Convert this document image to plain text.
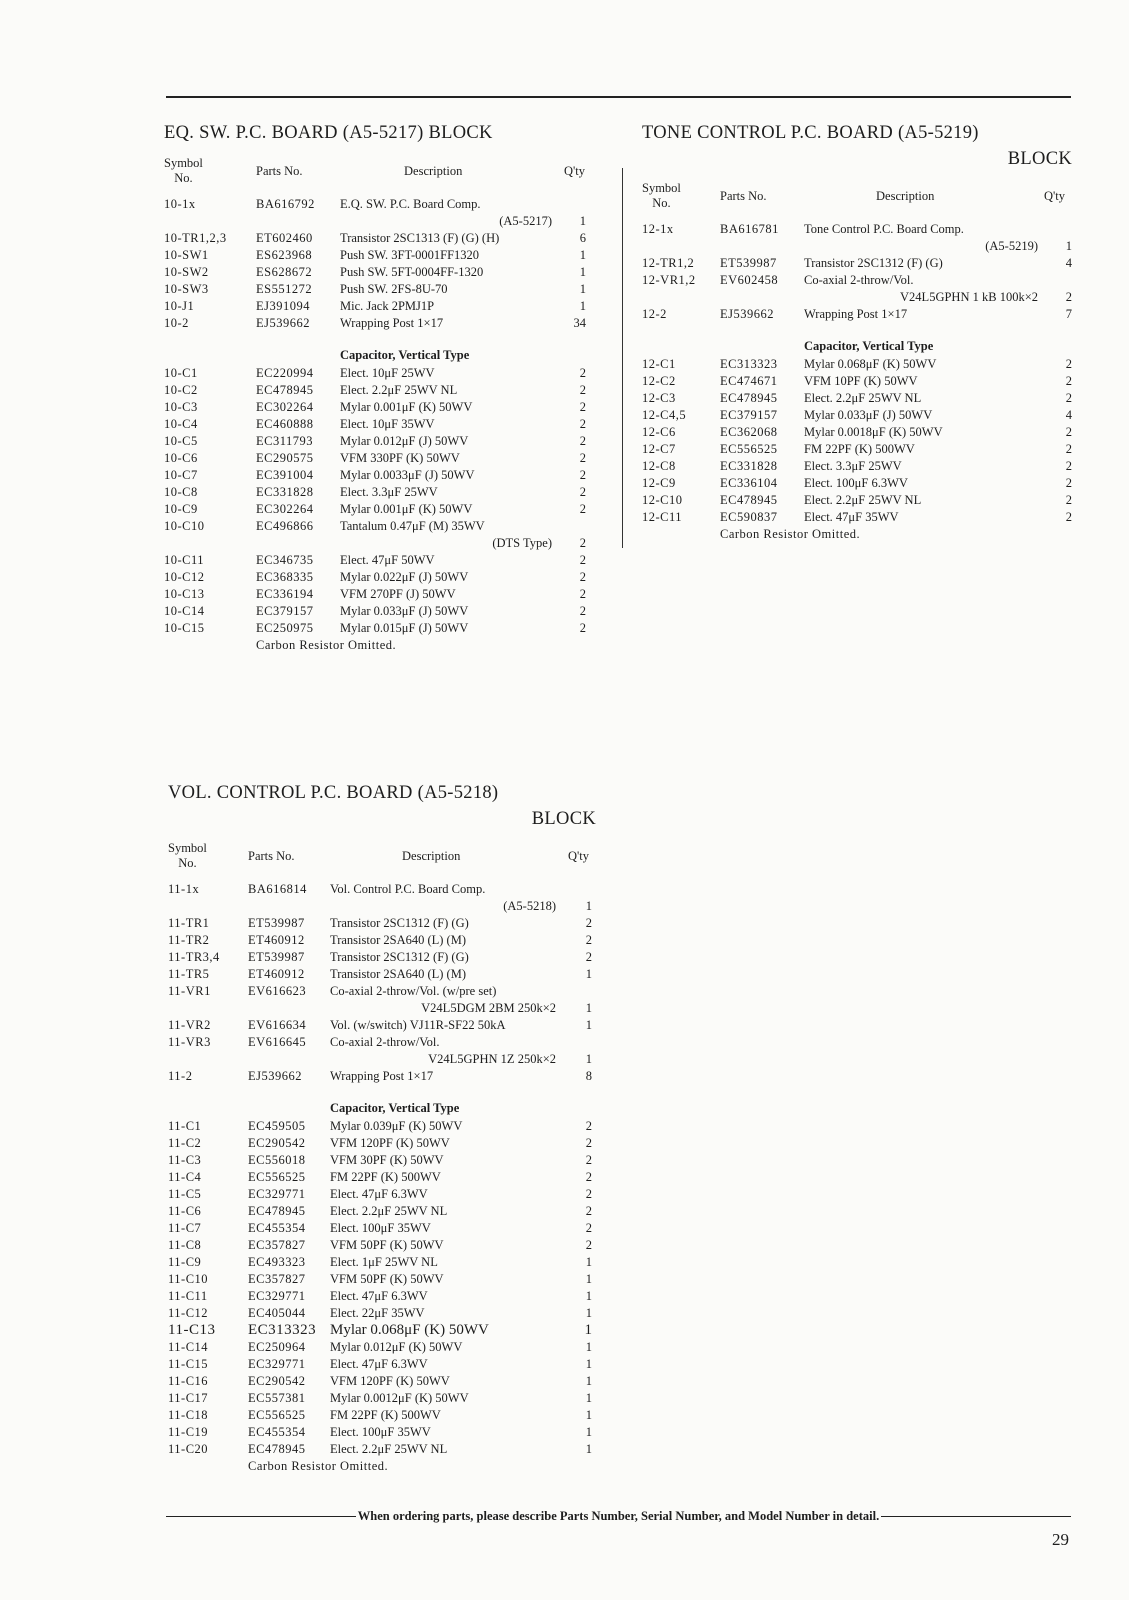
EQ. SW. P.C. BOARD (A5-5217) BLOCK
Symbol
No.	Parts No.	Description	Q'ty
10-1x	BA616792 E.Q. SW. P.C. Board Comp.
(A5-5217) 1
10-TR1,2,3 ET602460 Transistor 2SC1313 (F) (G) (H)	6
10-SW1	ES623968 Push SW. 3FT-0001FF1320	1
10-SW2	ES628672 Push SW. 5FT-0004FF-1320	1
10-SW3	ES551272 Push SW. 2FS-8U-70	1
10-J1	EJ391094 Mic. Jack 2PMJ1P	1
10-2	EJ539662 Wrapping Post 1×17	34
Capacitor, Vertical Type
10-C1	EC220994 Elect. 10μF 25WV	2
10-C2	EC478945 Elect. 2.2μF 25WV NL	2
10-C3	EC302264 Mylar 0.001μF (K) 50WV	2
10-C4	EC460888 Elect. 10μF 35WV	2
10-C5	EC311793 Mylar 0.012μF (J) 50WV	2
10-C6	EC290575 VFM 330PF (K) 50WV	2
10-C7	EC391004 Mylar 0.0033μF (J) 50WV	2
10-C8	EC331828 Elect. 3.3μF 25WV	2
10-C9	EC302264 Mylar 0.001μF (K) 50WV	2
10-C10	EC496866 Tantalum 0.47μF (M) 35WV
(DTS Type) 2
10-C11	EC346735 Elect. 47μF 50WV	2
10-C12	EC368335 Mylar 0.022μF (J) 50WV	2
10-C13	EC336194 VFM 270PF (J) 50WV	2
10-C14	EC379157 Mylar 0.033μF (J) 50WV	2
10-C15	EC250975 Mylar 0.015μF (J) 50WV	2
Carbon Resistor Omitted.
TONE CONTROL P.C. BOARD (A5-5219)
BLOCK
Symbol
No.	Parts No.	Description	Q'ty
12-1x	BA616781 Tone Control P.C. Board Comp.
(A5-5219) 1
12-TR1,2 ET539987 Transistor 2SC1312 (F) (G)	4
12-VR1,2 EV602458 Co-axial 2-throw/Vol.
V24L5GPHN 1 kB 100k×2 2
12-2	EJ539662 Wrapping Post 1×17	7
Capacitor, Vertical Type
12-C1	EC313323 Mylar 0.068μF (K) 50WV	2
12-C2	EC474671 VFM 10PF (K) 50WV	2
12-C3	EC478945 Elect. 2.2μF 25WV NL	2
12-C4,5	EC379157 Mylar 0.033μF (J) 50WV	4
12-C6	EC362068 Mylar 0.0018μF (K) 50WV	2
12-C7	EC556525 FM 22PF (K) 500WV	2
12-C8	EC331828 Elect. 3.3μF 25WV	2
12-C9	EC336104 Elect. 100μF 6.3WV	2
12-C10	EC478945 Elect. 2.2μF 25WV NL	2
12-C11	EC590837 Elect. 47μF 35WV	2
Carbon Resistor Omitted.
VOL. CONTROL P.C. BOARD (A5-5218)
BLOCK
Symbol
No.	Parts No.	Description	Q'ty
11-1x	BA616814 Vol. Control P.C. Board Comp.
(A5-5218) 1
11-TR1	ET539987 Transistor 2SC1312 (F) (G)	2
11-TR2	ET460912 Transistor 2SA640 (L) (M)	2
11-TR3,4 ET539987 Transistor 2SC1312 (F) (G)	2
11-TR5	ET460912 Transistor 2SA640 (L) (M)	1
11-VR1	EV616623 Co-axial 2-throw/Vol. (w/pre set)
V24L5DGM 2BM 250k×2 1
11-VR2	EV616634 Vol. (w/switch) VJ11R-SF22 50kA	1
11-VR3	EV616645 Co-axial 2-throw/Vol.
V24L5GPHN 1Z 250k×2 1
11-2	EJ539662 Wrapping Post 1×17	8
Capacitor, Vertical Type
11-C1	EC459505 Mylar 0.039μF (K) 50WV	2
11-C2	EC290542 VFM 120PF (K) 50WV	2
11-C3	EC556018 VFM 30PF (K) 50WV	2
11-C4	EC556525 FM 22PF (K) 500WV	2
11-C5	EC329771 Elect. 47μF 6.3WV	2
11-C6	EC478945 Elect. 2.2μF 25WV NL	2
11-C7	EC455354 Elect. 100μF 35WV	2
11-C8	EC357827 VFM 50PF (K) 50WV	2
11-C9	EC493323 Elect. 1μF 25WV NL	1
11-C10	EC357827 VFM 50PF (K) 50WV	1
11-C11	EC329771 Elect. 47μF 6.3WV	1
11-C12	EC405044 Elect. 22μF 35WV	1
11-C13 EC313323 Mylar 0.068μF (K) 50WV	1
11-C14	EC250964 Mylar 0.012μF (K) 50WV	1
11-C15	EC329771 Elect. 47μF 6.3WV	1
11-C16	EC290542 VFM 120PF (K) 50WV	1
11-C17	EC557381 Mylar 0.0012μF (K) 50WV	1
11-C18	EC556525 FM 22PF (K) 500WV	1
11-C19	EC455354 Elect. 100μF 35WV	1
11-C20	EC478945 Elect. 2.2μF 25WV NL	1
Carbon Resistor Omitted.
When ordering parts, please describe Parts Number, Serial Number, and Model Number in detail.
29
